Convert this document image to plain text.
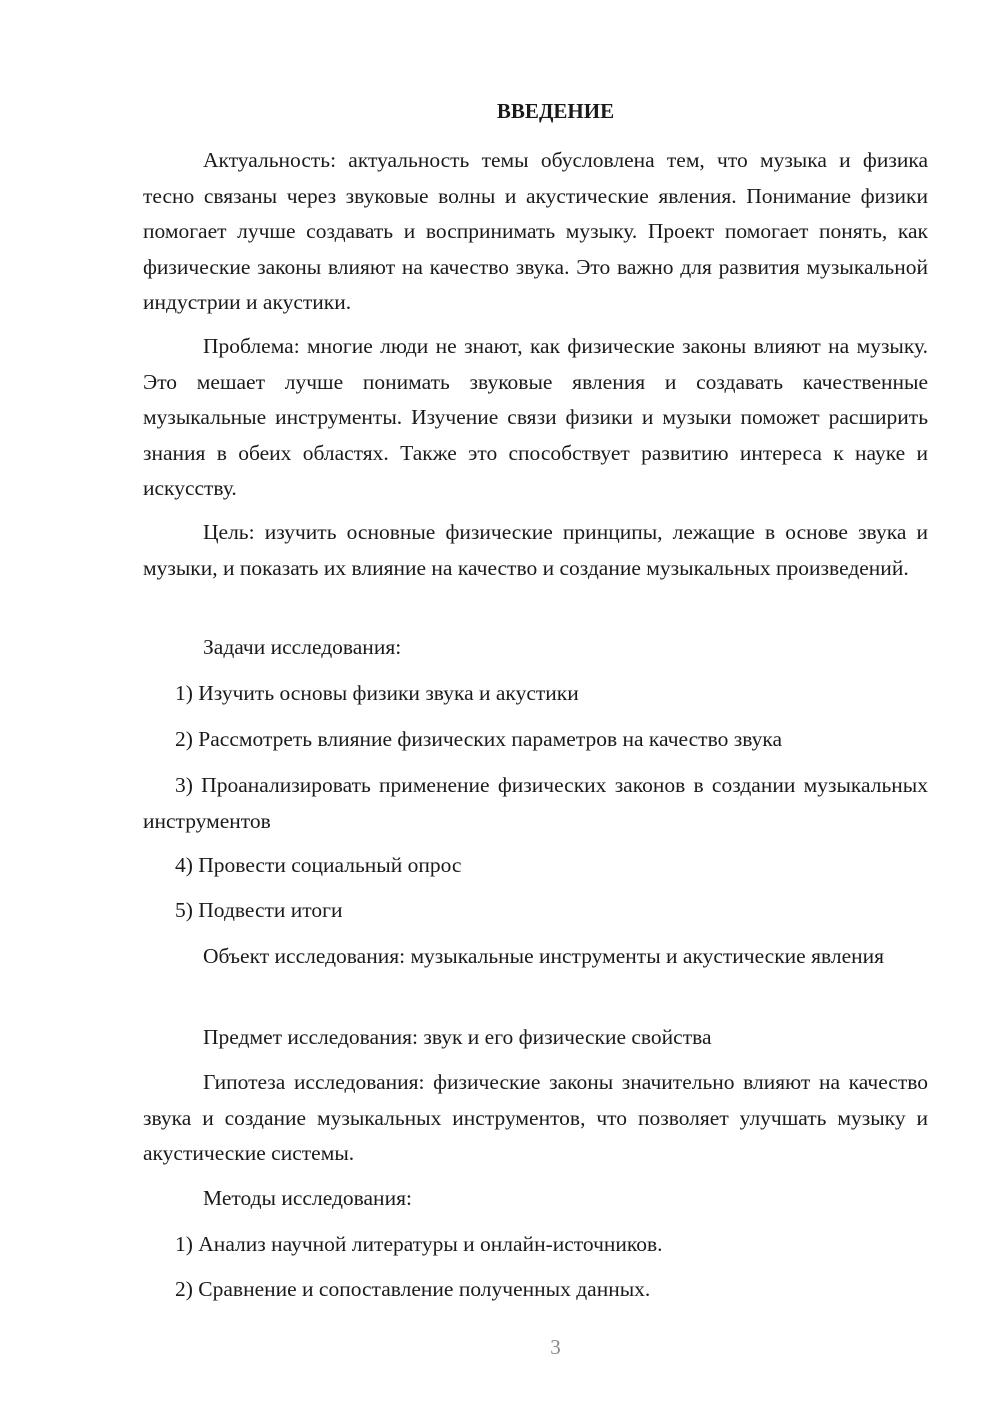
ВВЕДЕНИЕ

Актуальность: актуальность темы обусловлена тем, что музыка и физика тесно связаны через звуковые волны и акустические явления. Понимание физики помогает лучше создавать и воспринимать музыку. Проект помогает понять, как физические законы влияют на качество звука. Это важно для развития музыкальной индустрии и акустики.

Проблема: многие люди не знают, как физические законы влияют на музыку. Это мешает лучше понимать звуковые явления и создавать качественные музыкальные инструменты. Изучение связи физики и музыки поможет расширить знания в обеих областях. Также это способствует развитию интереса к науке и искусству.

Цель: изучить основные физические принципы, лежащие в основе звука и музыки, и показать их влияние на качество и создание музыкальных произведений.

Задачи исследования:

1) Изучить основы физики звука и акустики

2) Рассмотреть влияние физических параметров на качество звука

3) Проанализировать применение физических законов в создании музыкальных инструментов

4) Провести социальный опрос

5) Подвести итоги

Объект исследования: музыкальные инструменты и акустические явления

Предмет исследования: звук и его физические свойства

Гипотеза исследования: физические законы значительно влияют на качество звука и создание музыкальных инструментов, что позволяет улучшать музыку и акустические системы.

Методы исследования:

1) Анализ научной литературы и онлайн-источников.

2) Сравнение и сопоставление полученных данных.

3
